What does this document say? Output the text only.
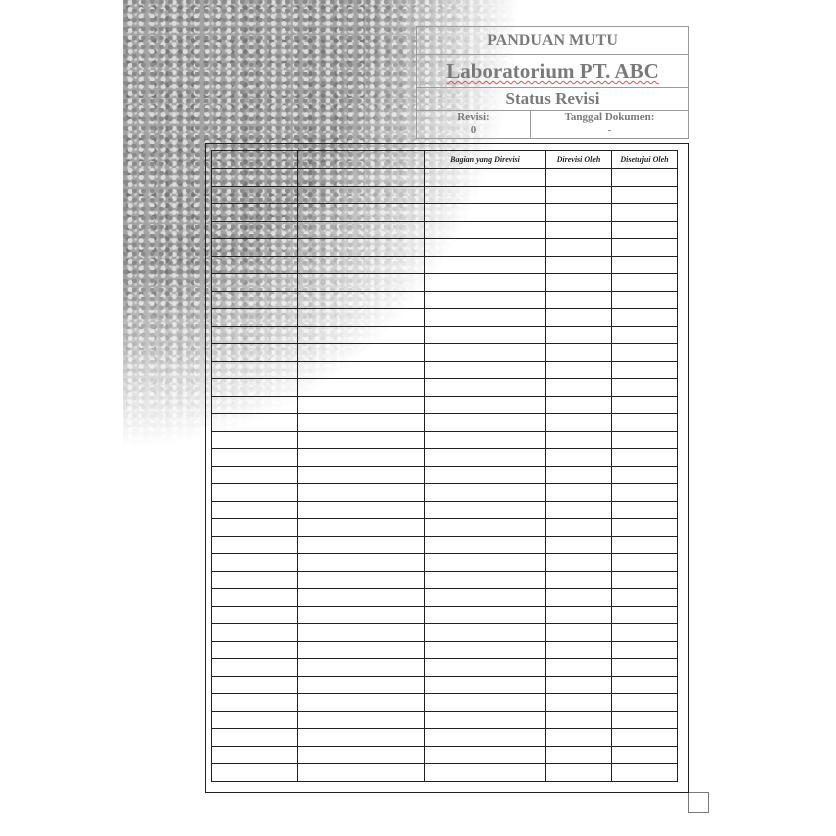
PANDUAN MUTU
Laboratorium PT. ABC
Status Revisi
Revisi:
0
Tanggal Dokumen:
-
		Bagian yang Direvisi	Direvisi Oleh	Disetujui Oleh
